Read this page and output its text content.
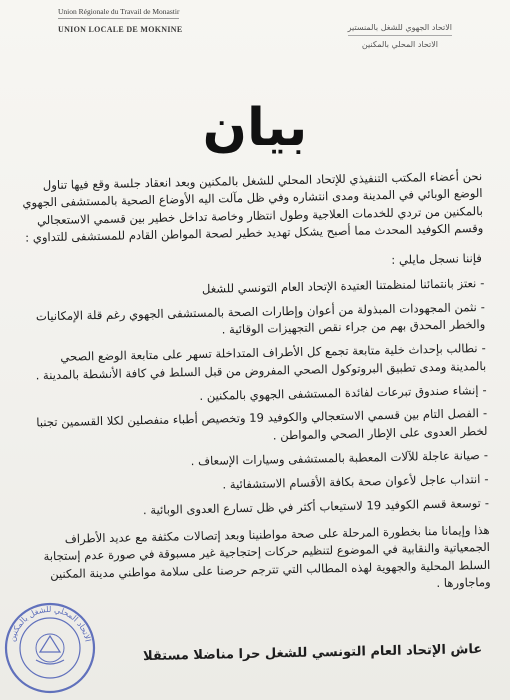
Union Régionale du Travail de Monastir
UNION LOCALE DE MOKNINE	الاتحاد الجهوي للشغل بالمنستير
الاتحاد المحلي بالمكنين
بيان

نحن أعضاء المكتب التنفيذي للإتحاد المحلي للشغل بالمكنين وبعد انعقاد جلسة وقع فيها تناول الوضع الوبائي في المدينة ومدى انتشاره وفي ظل مآلت اليه الأوضاع الصحية بالمستشفى الجهوي بالمكنين من تردي للخدمات العلاجية وطول انتظار وخاصة تداخل خطير بين قسمي الاستعجالي وقسم الكوفيد المحدث مما أصبح يشكل تهديد خطير لصحة المواطن القادم للمستشفى للتداوي :

فإننا نسجل مايلي :

-نعتز بانتمائنا لمنظمتنا العتيدة الإتحاد العام التونسي للشغل
-نثمن المجهودات المبذولة من أعوان وإطارات الصحة بالمستشفى الجهوي رغم قلة الإمكانيات والخطر المحدق بهم من جراء نقص التجهيزات الوقائية .
-نطالب بإحداث خلية متابعة تجمع كل الأطراف المتداخلة تسهر على متابعة الوضع الصحي بالمدينة ومدى تطبيق البروتوكول الصحي المفروض من قبل السلط في كافة الأنشطة بالمدينة .
-إنشاء صندوق تبرعات لفائدة المستشفى الجهوي بالمكنين .
-الفصل التام بين قسمي الاستعجالي والكوفيد 19 وتخصيص أطباء منفصلين لكلا القسمين تجنبا لخطر العدوى على الإطار الصحي والمواطن .
-صيانة عاجلة للآلات المعطبة بالمستشفى وسيارات الإسعاف .
-انتداب عاجل لأعوان صحة بكافة الأقسام الاستشفائية .
-توسعة قسم الكوفيد 19 لاستيعاب أكثر في ظل تسارع العدوى الوبائية .

هذا وإيمانا منا بخطورة المرحلة على صحة مواطنينا وبعد إتصالات مكثفة مع عديد الأطراف الجمعياتية والنقابية في الموضوع لتنظيم حركات إحتجاجية غير مسبوقة في صورة عدم إستجابة السلط المحلية والجهوية لهذه المطالب التي تترجم حرصنا على سلامة مواطني مدينة المكنين وماجاورها .

عاش الإتحاد العام التونسي للشغل حرا مناضلا مستقلا
الاتحاد المحلي للشغل بالمكنين
